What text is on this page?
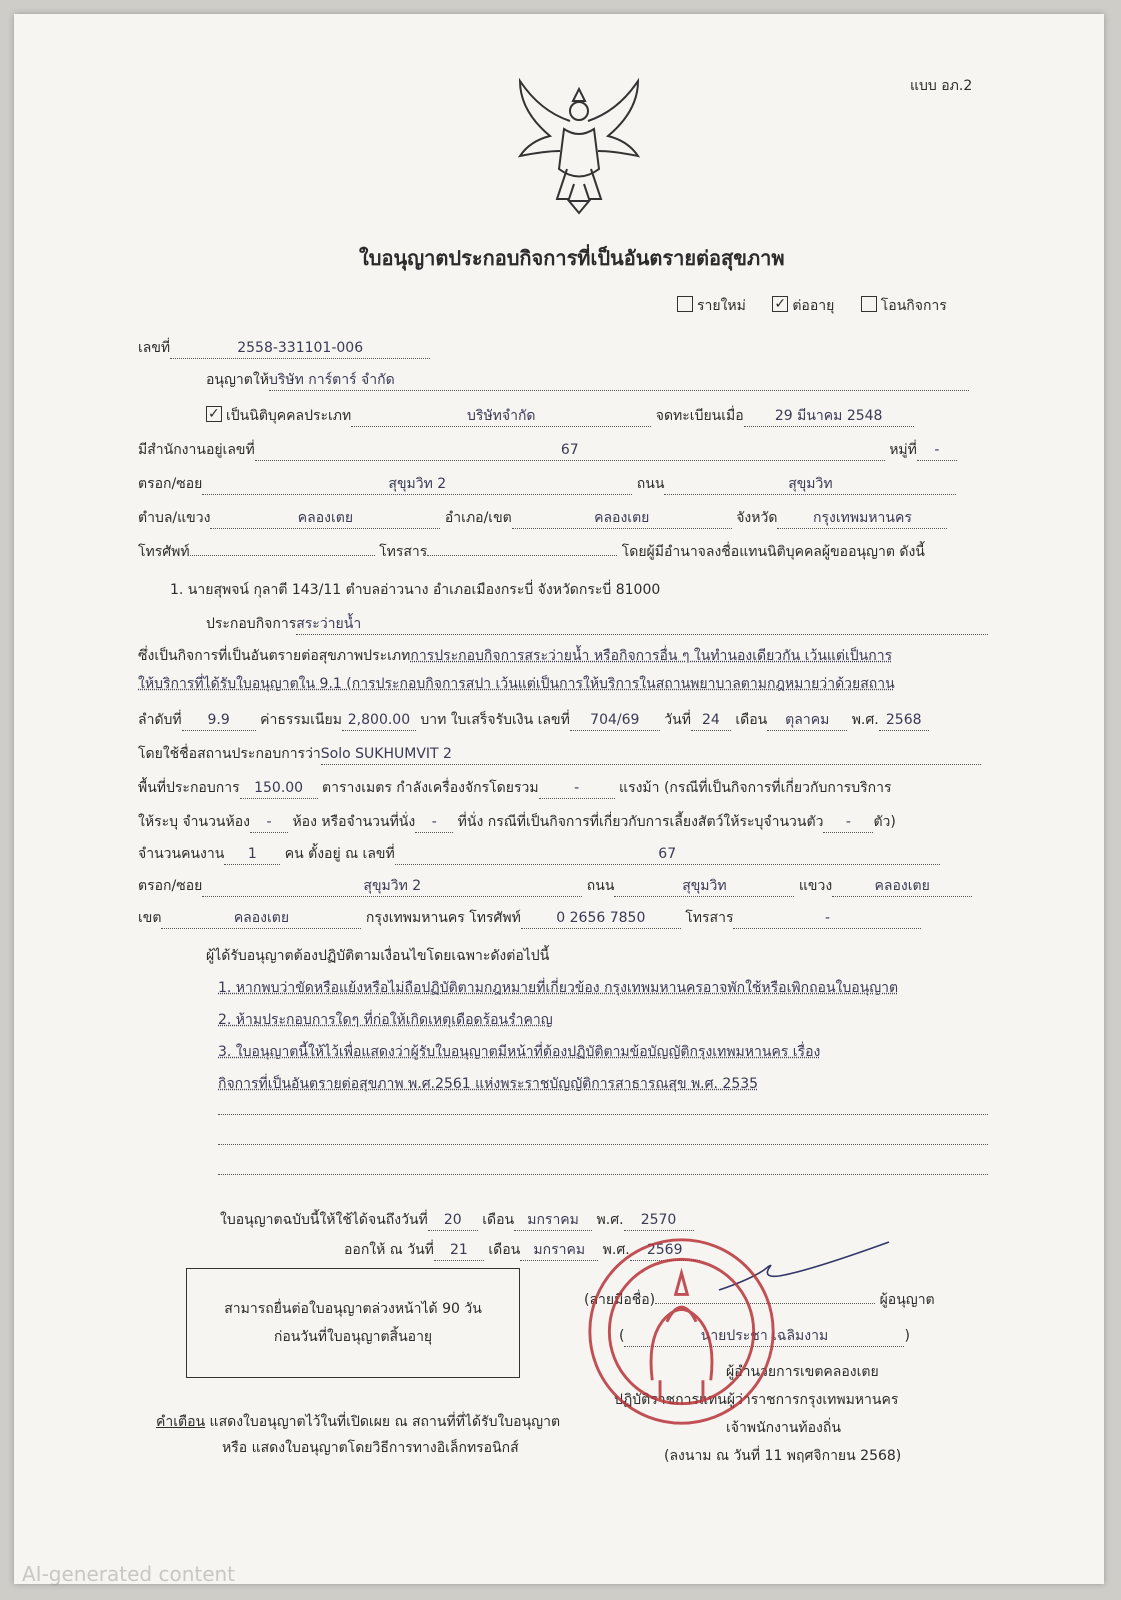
แบบ อภ.2
ใบอนุญาตประกอบกิจการที่เป็นอันตรายต่อสุขภาพ
รายใหม่ ✓	ต่ออายุ	โอนกิจการ
เลขที่	2558-331101-006
อนุญาตให้บริษัท การ์ตาร์ จำกัด
✓เป็นนิติบุคคลประเภท	บริษัทจำกัด	จดทะเบียนเมื่อ 29 มีนาคม 2548
มีสำนักงานอยู่เลขที่	67	หมู่ที่ -
ตรอก/ซอย	สุขุมวิท 2	ถนน	สุขุมวิท
ตำบล/แขวง	คลองเตย	อำเภอ/เขต	คลองเตย	จังหวัด	กรุงเทพมหานคร
โทรศัพท์	โทรสาร	โดยผู้มีอำนาจลงชื่อแทนนิติบุคคลผู้ขออนุญาต ดังนี้
1. นายสุพจน์ กุลาตี 143/11 ตำบลอ่าวนาง อำเภอเมืองกระบี่ จังหวัดกระบี่ 81000
ประกอบกิจการสระว่ายน้ำ
ซึ่งเป็นกิจการที่เป็นอันตรายต่อสุขภาพประเภทการประกอบกิจการสระว่ายน้ำ หรือกิจการอื่น ๆ ในทำนองเดียวกัน เว้นแต่เป็นการ
ให้บริการที่ได้รับใบอนุญาตใน 9.1 (การประกอบกิจการสปา เว้นแต่เป็นการให้บริการในสถานพยาบาลตามกฎหมายว่าด้วยสถาน
ลำดับที่ 9.9 ค่าธรรมเนียม 2,800.00 บาท ใบเสร็จรับเงิน เลขที่ 704/69 วันที่ 24 เดือน ตุลาคม พ.ศ. 2568
โดยใช้ชื่อสถานประกอบการว่าSolo SUKHUMVIT 2
พื้นที่ประกอบการ 150.00 ตารางเมตร กำลังเครื่องจักรโดยรวม	-	แรงม้า (กรณีที่เป็นกิจการที่เกี่ยวกับการบริการ
ให้ระบุ จำนวนห้อง - ห้อง หรือจำนวนที่นั่ง - ที่นั่ง กรณีที่เป็นกิจการที่เกี่ยวกับการเลี้ยงสัตว์ให้ระบุจำนวนตัว - ตัว)
จำนวนคนงาน 1 คน ตั้งอยู่ ณ เลขที่	67
ตรอก/ซอย	สุขุมวิท 2	ถนน	สุขุมวิท	แขวง	คลองเตย
เขต	คลองเตย	กรุงเทพมหานคร โทรศัพท์	0 2656 7850	โทรสาร	-
ผู้ได้รับอนุญาตต้องปฏิบัติตามเงื่อนไขโดยเฉพาะดังต่อไปนี้
1. หากพบว่าขัดหรือแย้งหรือไม่ถือปฏิบัติตามกฎหมายที่เกี่ยวข้อง กรุงเทพมหานครอาจพักใช้หรือเพิกถอนใบอนุญาต
2. ห้ามประกอบการใดๆ ที่ก่อให้เกิดเหตุเดือดร้อนรำคาญ
3. ใบอนุญาตนี้ให้ไว้เพื่อแสดงว่าผู้รับใบอนุญาตมีหน้าที่ต้องปฏิบัติตามข้อบัญญัติกรุงเทพมหานคร เรื่อง
กิจการที่เป็นอันตรายต่อสุขภาพ พ.ศ.2561 แห่งพระราชบัญญัติการสาธารณสุข พ.ศ. 2535
ใบอนุญาตฉบับนี้ให้ใช้ได้จนถึงวันที่ 20 เดือน มกราคม พ.ศ. 2570
ออกให้ ณ วันที่ 21 เดือน มกราคม พ.ศ. 2569
สามารถยื่นต่อใบอนุญาตล่วงหน้าได้ 90 วัน
ก่อนวันที่ใบอนุญาตสิ้นอายุ
(ลายมือชื่อ)	ผู้อนุญาต
(	นายประชา เฉลิมงาม	)
ผู้อำนวยการเขตคลองเตย
ปฏิบัติราชการแทนผู้ว่าราชการกรุงเทพมหานคร
เจ้าพนักงานท้องถิ่น
(ลงนาม ณ วันที่ 11 พฤศจิกายน 2568)
คำเตือน แสดงใบอนุญาตไว้ในที่เปิดเผย ณ สถานที่ที่ได้รับใบอนุญาต
หรือ แสดงใบอนุญาตโดยวิธีการทางอิเล็กทรอนิกส์
AI-generated content
